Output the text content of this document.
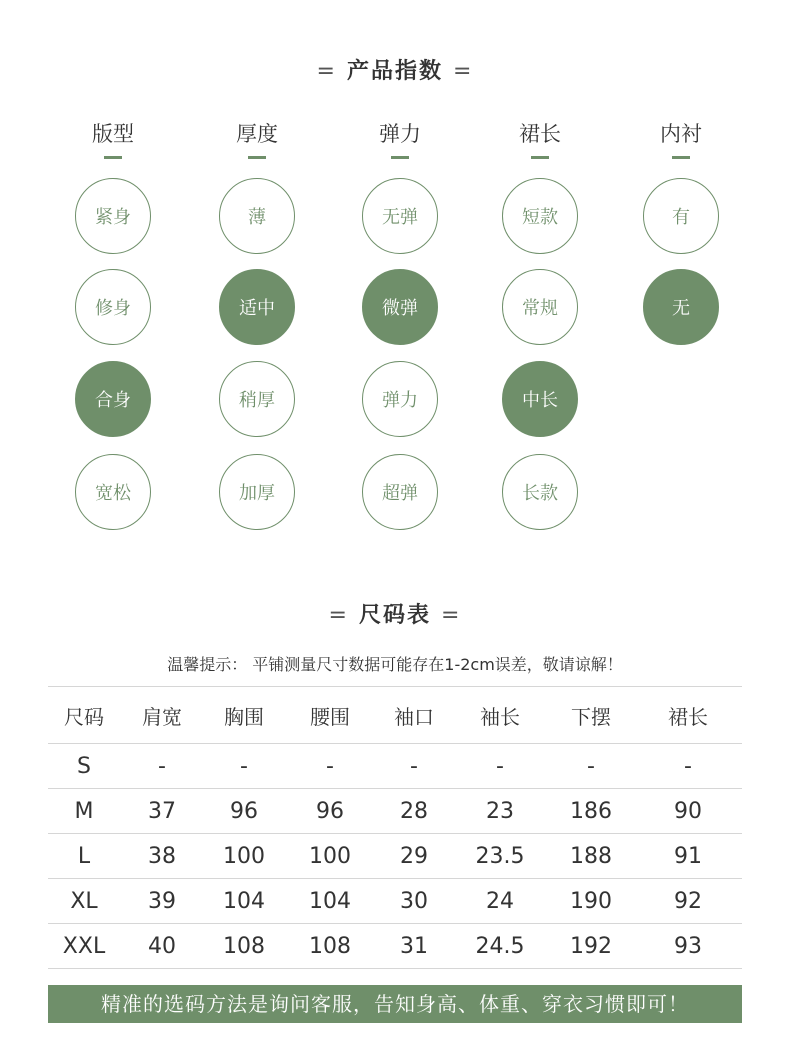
= 产品指数 =
版型
紧身
修身
合身
宽松
厚度
薄
适中
稍厚
加厚
弹力
无弹
微弹
弹力
超弹
裙长
短款
常规
中长
长款
内衬
有
无
= 尺码表 =
温馨提示： 平铺测量尺寸数据可能存在1-2cm误差，敬请谅解！
尺码	肩宽	胸围	腰围	袖口	袖长	下摆	裙长
S	-	-	-	-	-	-	-
M	37	96	96	28	23	186	90
L	38	100	100	29	23.5	188	91
XL	39	104	104	30	24	190	92
XXL	40	108	108	31	24.5	192	93
精准的选码方法是询问客服，告知身高、体重、穿衣习惯即可！
